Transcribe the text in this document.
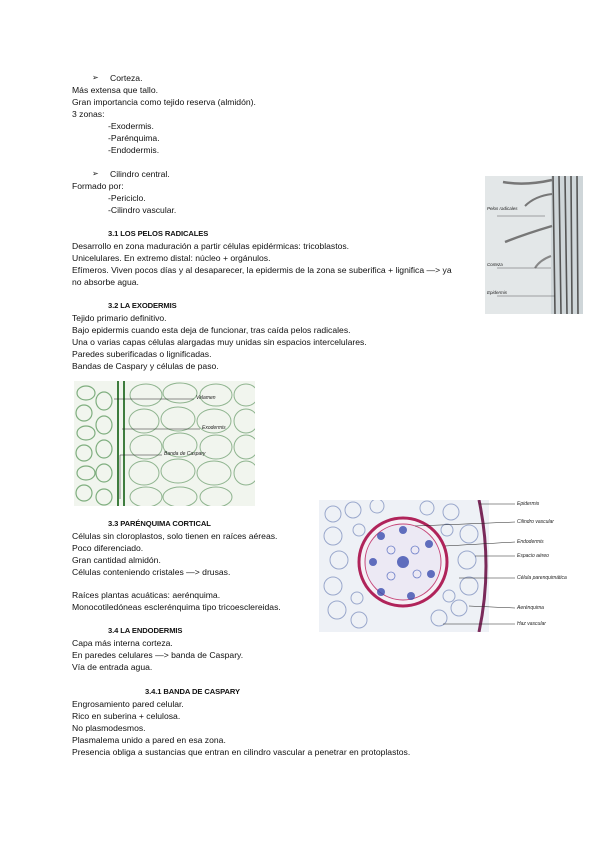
➢ Corteza.
Más extensa que tallo.
Gran importancia como tejido reserva (almidón).
3 zonas:
-Exodermis.
-Parénquima.
-Endodermis.
➢ Cilindro central.
Formado por:
-Periciclo.
-Cilindro vascular.	Pelos radicales
Corteza
Epidermis
3.1 LOS PELOS RADICALES
Desarrollo en zona maduración a partir células epidérmicas: tricoblastos.
Unicelulares. En extremo distal: núcleo + orgánulos.
Efímeros. Viven pocos días y al desaparecer, la epidermis de la zona se suberifica + lignifica —> ya
no absorbe agua.
3.2 LA EXODERMIS
Tejido primario definitivo.
Bajo epidermis cuando esta deja de funcionar, tras caída pelos radicales.
Una o varias capas células alargadas muy unidas sin espacios intercelulares.
Paredes suberificadas o lignificadas.
Bandas de Caspary y células de paso.
Velamen
Exodermis
Banda de Caspary
Epidermis
Cilindro vascular
Endodermis
Espacio aéreo
Célula parenquimática
Aerénquima
Haz vascular
3.3 PARÉNQUIMA CORTICAL
Células sin cloroplastos, solo tienen en raíces aéreas.
Poco diferenciado.
Gran cantidad almidón.
Células conteniendo cristales —> drusas.
Raíces plantas acuáticas: aerénquima.
Monocotiledóneas esclerénquima tipo tricoesclereidas.
3.4 LA ENDODERMIS
Capa más interna corteza.
En paredes celulares —> banda de Caspary.
Vía de entrada agua.
3.4.1 BANDA DE CASPARY
Engrosamiento pared celular.
Rico en suberina + celulosa.
No plasmodesmos.
Plasmalema unido a pared en esa zona.
Presencia obliga a sustancias que entran en cilindro vascular a penetrar en protoplastos.
